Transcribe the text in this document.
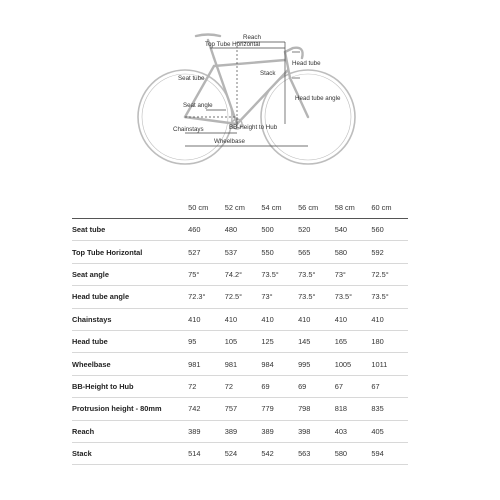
Reach
Top Tube Horizontal
Stack
Head tube
Seat tube
Seat angle
Head tube angle
Chainstays	BB-Height to Hub
Wheelbase
	50 cm	52 cm	54 cm	56 cm	58 cm	60 cm
Seat tube	460	480	500	520	540	560
Top Tube Horizontal	527	537	550	565	580	592
Seat angle	75°	74.2°	73.5°	73.5°	73°	72.5°
Head tube angle	72.3°	72.5°	73°	73.5°	73.5°	73.5°
Chainstays	410	410	410	410	410	410
Head tube	95	105	125	145	165	180
Wheelbase	981	981	984	995	1005	1011
BB-Height to Hub	72	72	69	69	67	67
Protrusion height - 80mm	742	757	779	798	818	835
Reach	389	389	389	398	403	405
Stack	514	524	542	563	580	594
